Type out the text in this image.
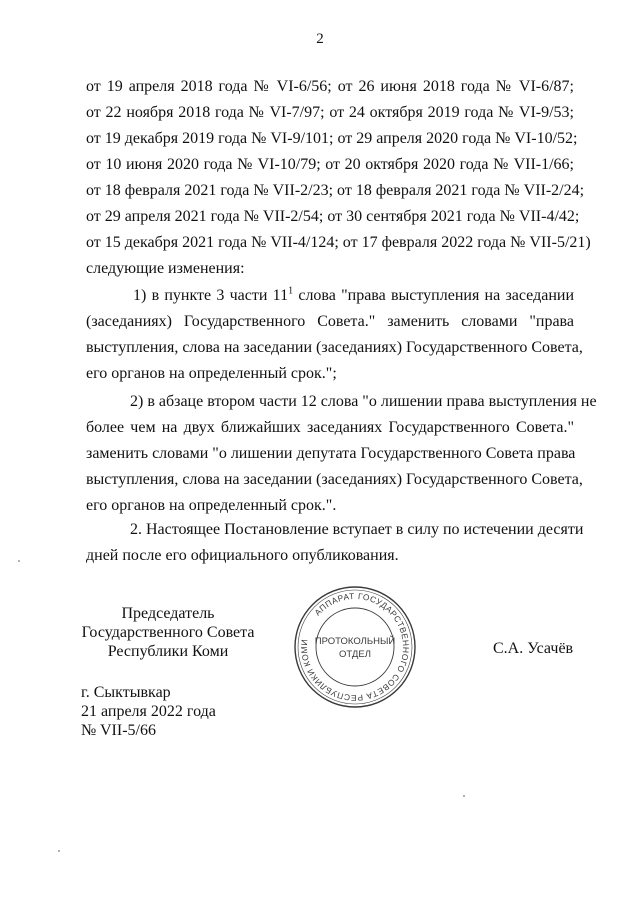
2
от 19 апреля 2018 года № VI-6/56; от 26 июня 2018 года № VI-6/87;
от 22 ноября 2018 года № VI-7/97; от 24 октября 2019 года № VI-9/53;
от 19 декабря 2019 года № VI-9/101; от 29 апреля 2020 года № VI-10/52;
от 10 июня 2020 года № VI-10/79; от 20 октября 2020 года № VII-1/66;
от 18 февраля 2021 года № VII-2/23; от 18 февраля 2021 года № VII-2/24;
от 29 апреля 2021 года № VII-2/54; от 30 сентября 2021 года № VII-4/42;
от 15 декабря 2021 года № VII-4/124; от 17 февраля 2022 года № VII-5/21)
следующие изменения:
1) в пункте 3 части $11^1$ слова "права выступления на заседании
(заседаниях) Государственного Совета." заменить словами "права
выступления, слова на заседании (заседаниях) Государственного Совета,
его органов на определенный срок.";
2) в абзаце втором части 12 слова "о лишении права выступления не
более чем на двух ближайших заседаниях Государственного Совета."
заменить словами "о лишении депутата Государственного Совета права
выступления, слова на заседании (заседаниях) Государственного Совета,
его органов на определенный срок.".
2. Настоящее Постановление вступает в силу по истечении десяти
дней после его официального опубликования.
Председатель
Государственного Совета
Республики Коми	С.А. Усачёв
АППАРАТ ГОСУДАРСТВЕННОГО СОВЕТА РЕСПУБЛИКИ КОМИ ПРОТОКОЛЬНЫЙ
ОТДЕЛ
г. Сыктывкар
21 апреля 2022 года
№ VII-5/66
